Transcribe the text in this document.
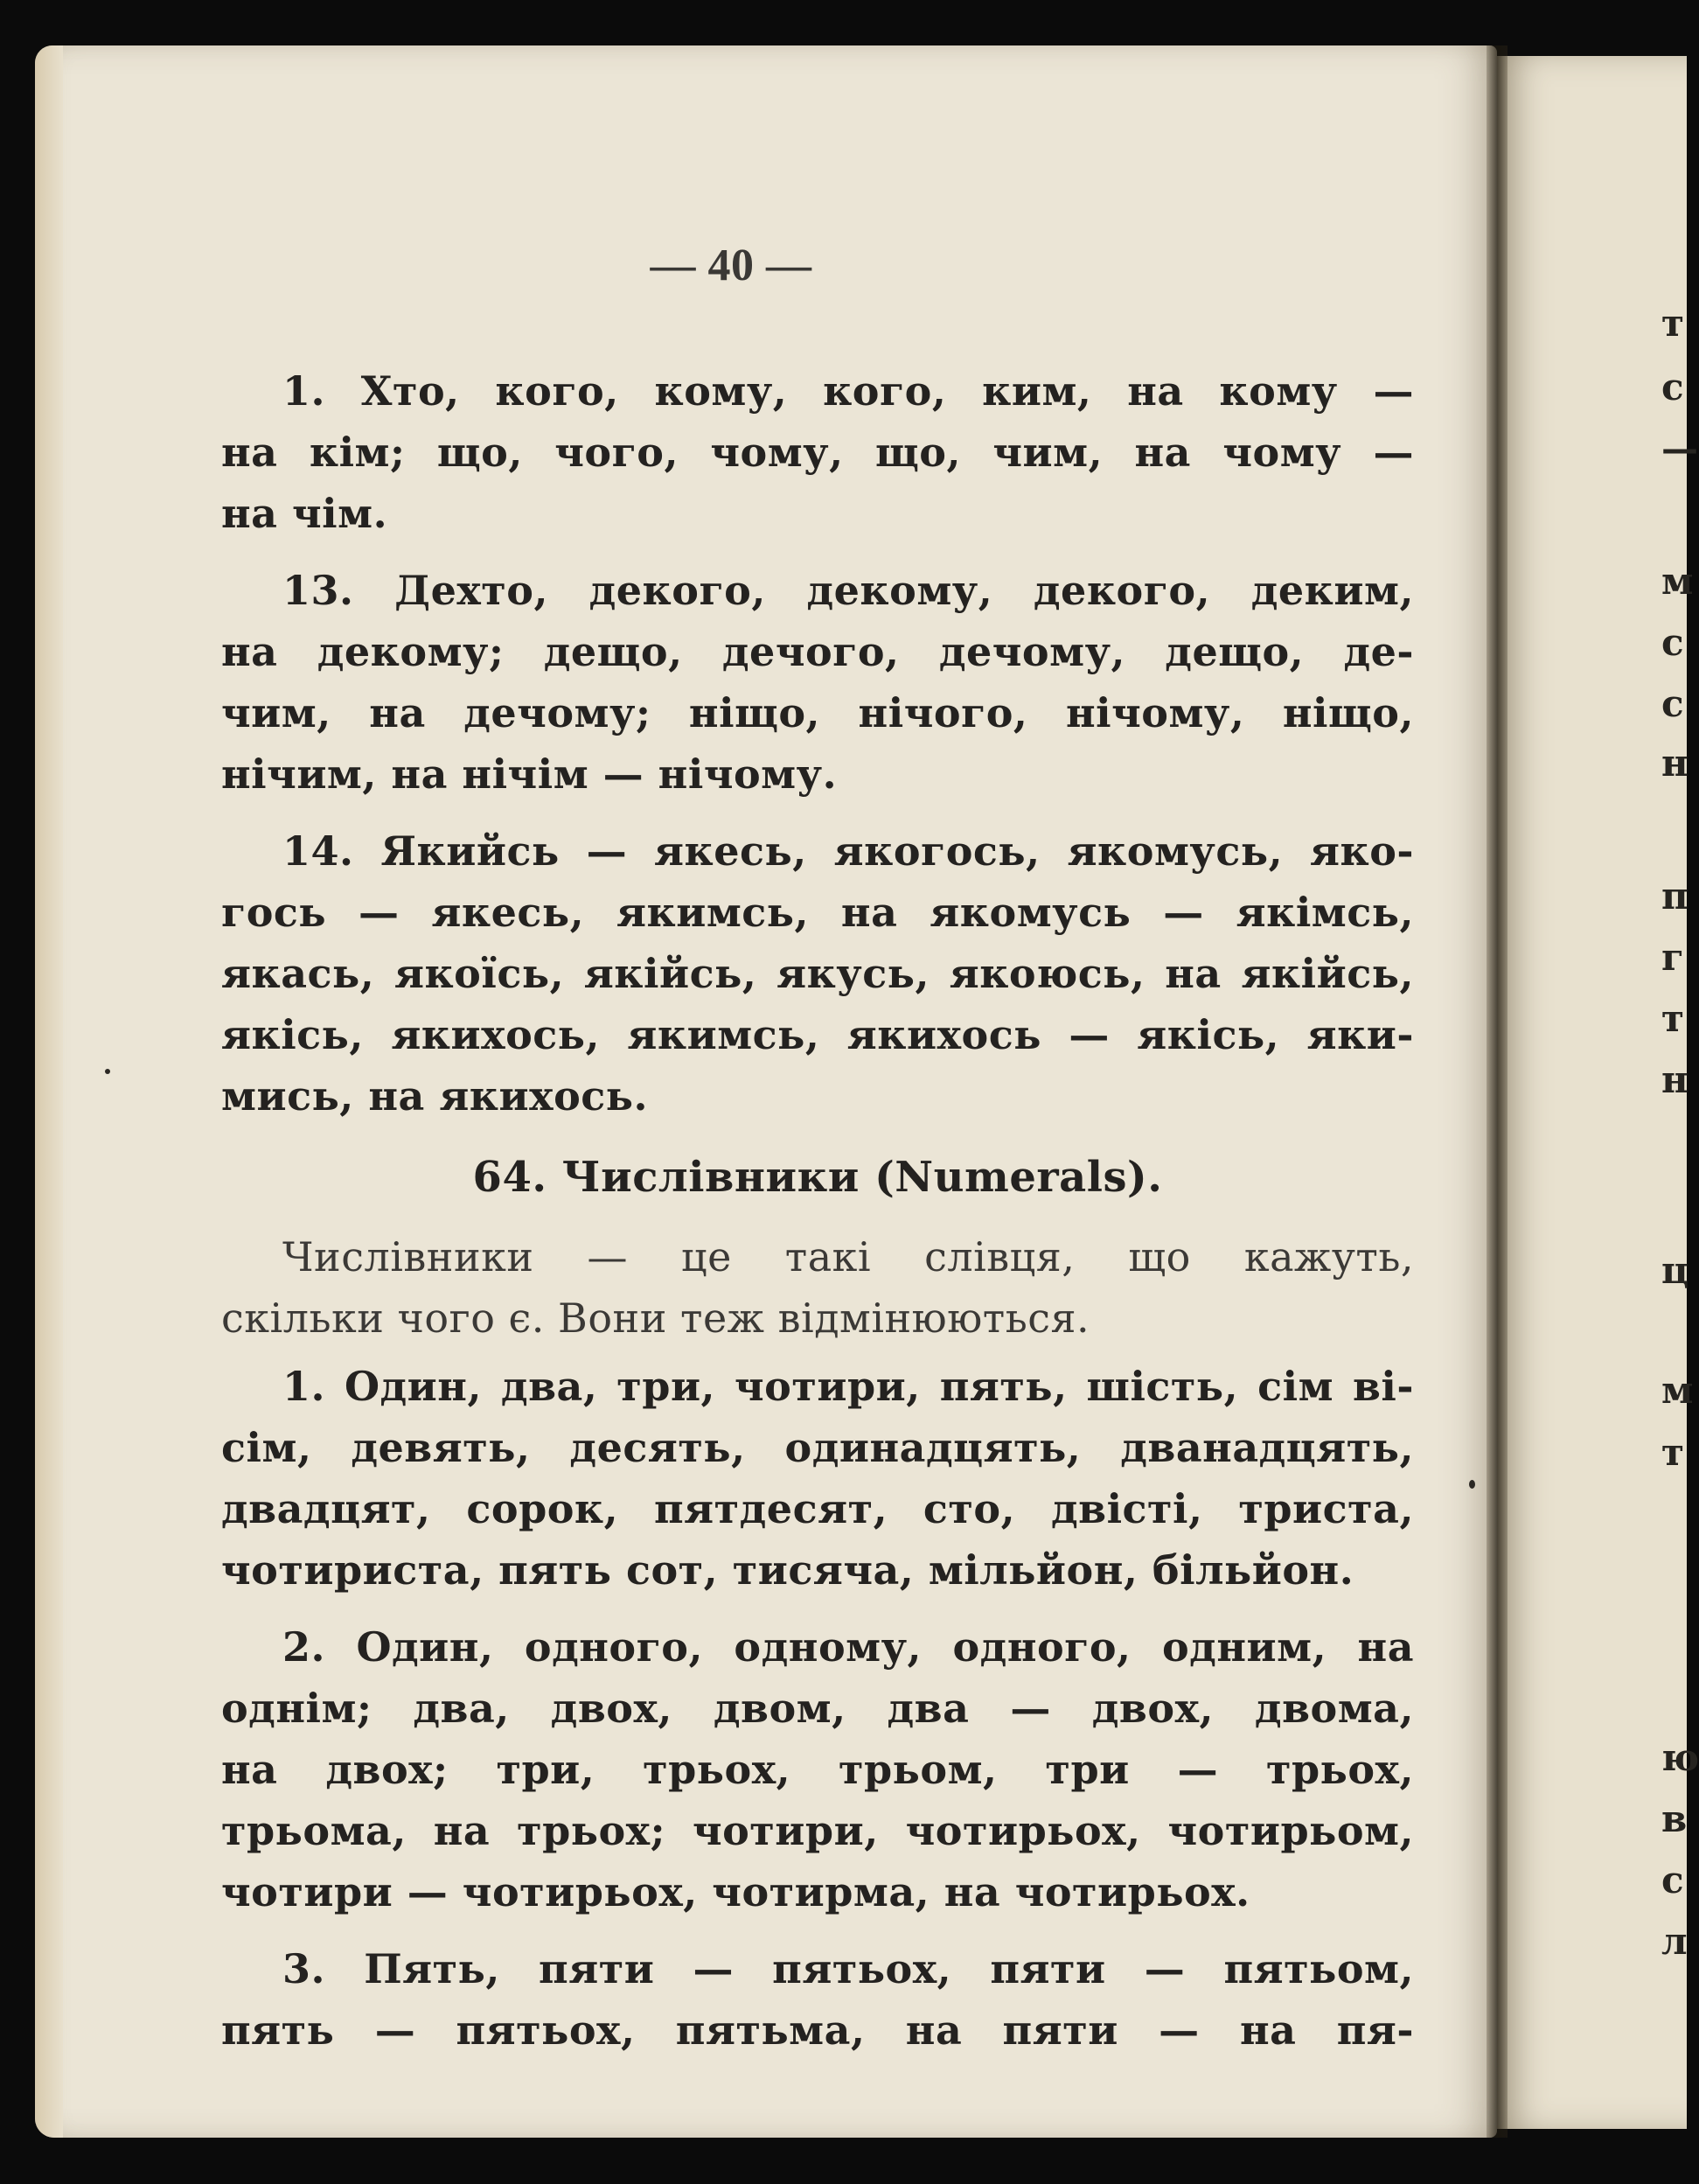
— 40 —
1. Хто, кого, кому, кого, ким, на кому —
на кім; що, чого, чому, що, чим, на чому —
на чім.
13. Дехто, декого, декому, декого, деким,
на декому; дещо, дечого, дечому, дещо, де-
чим, на дечому; ніщо, нічого, нічому, ніщо,
нічим, на нічім — нічому.
14. Якийсь — якесь, якогось, якомусь, яко-
гось — якесь, якимсь, на якомусь — якімсь,
якась, якоїсь, якійсь, якусь, якоюсь, на якійсь,
якісь, якихось, якимсь, якихось — якісь, яки-
мись, на якихось.
64. Числівники (Numerals).
Числівники — це такі слівця, що кажуть,
скільки чого є. Вони теж відмінюються.
1. Один, два, три, чотири, пять, шість, сім ві-
сім, девять, десять, одинадцять, дванадцять,
двадцят, сорок, пятдесят, сто, двісті, триста,
чотириста, пять сот, тисяча, мільйон, більйон.
2. Один, одного, одному, одного, одним, на
однім; два, двох, двом, два — двох, двома,
на двох; три, трьох, трьом, три — трьох,
трьома, на трьох; чотири, чотирьох, чотирьом,
чотири — чотирьох, чотирма, на чотирьох.
3. Пять, пяти — пятьох, пяти — пятьом,
пять — пятьох, пятьма, на пяти — на пя-
т
с
—
м
с
с
н
п
г
т
н
ц
м
т
ю
в
с
л
